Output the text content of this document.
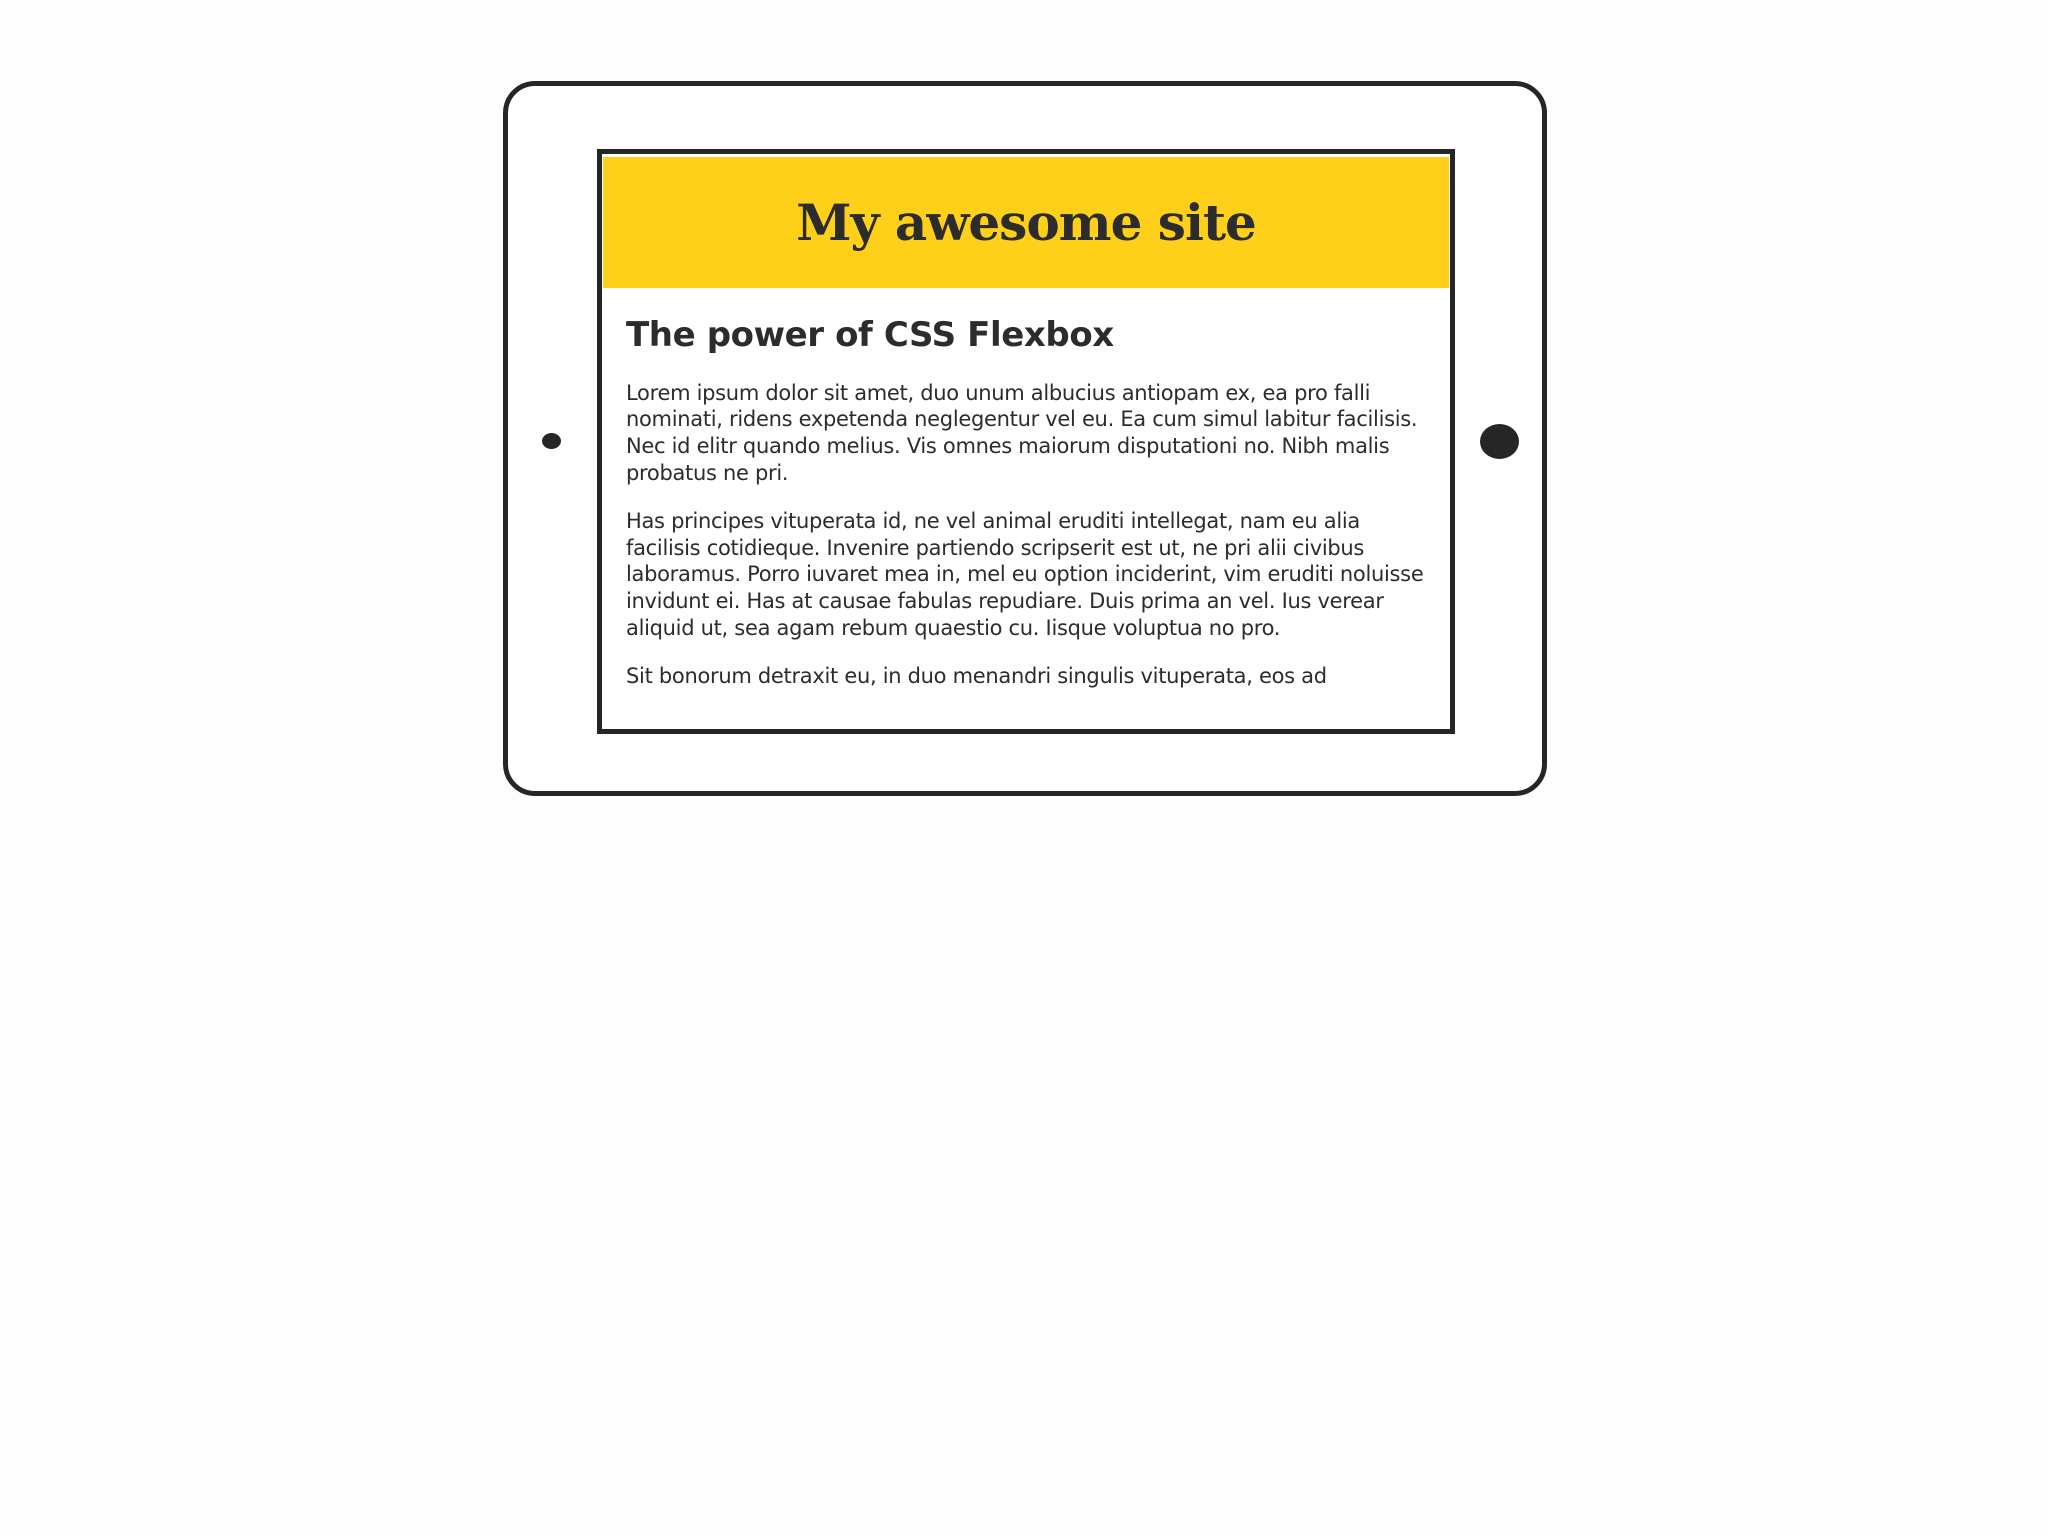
My awesome site
The power of CSS Flexbox

Lorem ipsum dolor sit amet, duo unum albucius antiopam ex, ea pro falli nominati, ridens expetenda neglegentur vel eu. Ea cum simul labitur facilisis. Nec id elitr quando melius. Vis omnes maiorum disputationi no. Nibh malis probatus ne pri.

Has principes vituperata id, ne vel animal eruditi intellegat, nam eu alia facilisis cotidieque. Invenire partiendo scripserit est ut, ne pri alii civibus laboramus. Porro iuvaret mea in, mel eu option inciderint, vim eruditi noluisse invidunt ei. Has at causae fabulas repudiare. Duis prima an vel. Ius verear aliquid ut, sea agam rebum quaestio cu. Iisque voluptua no pro.

Sit bonorum detraxit eu, in duo menandri singulis vituperata, eos ad
